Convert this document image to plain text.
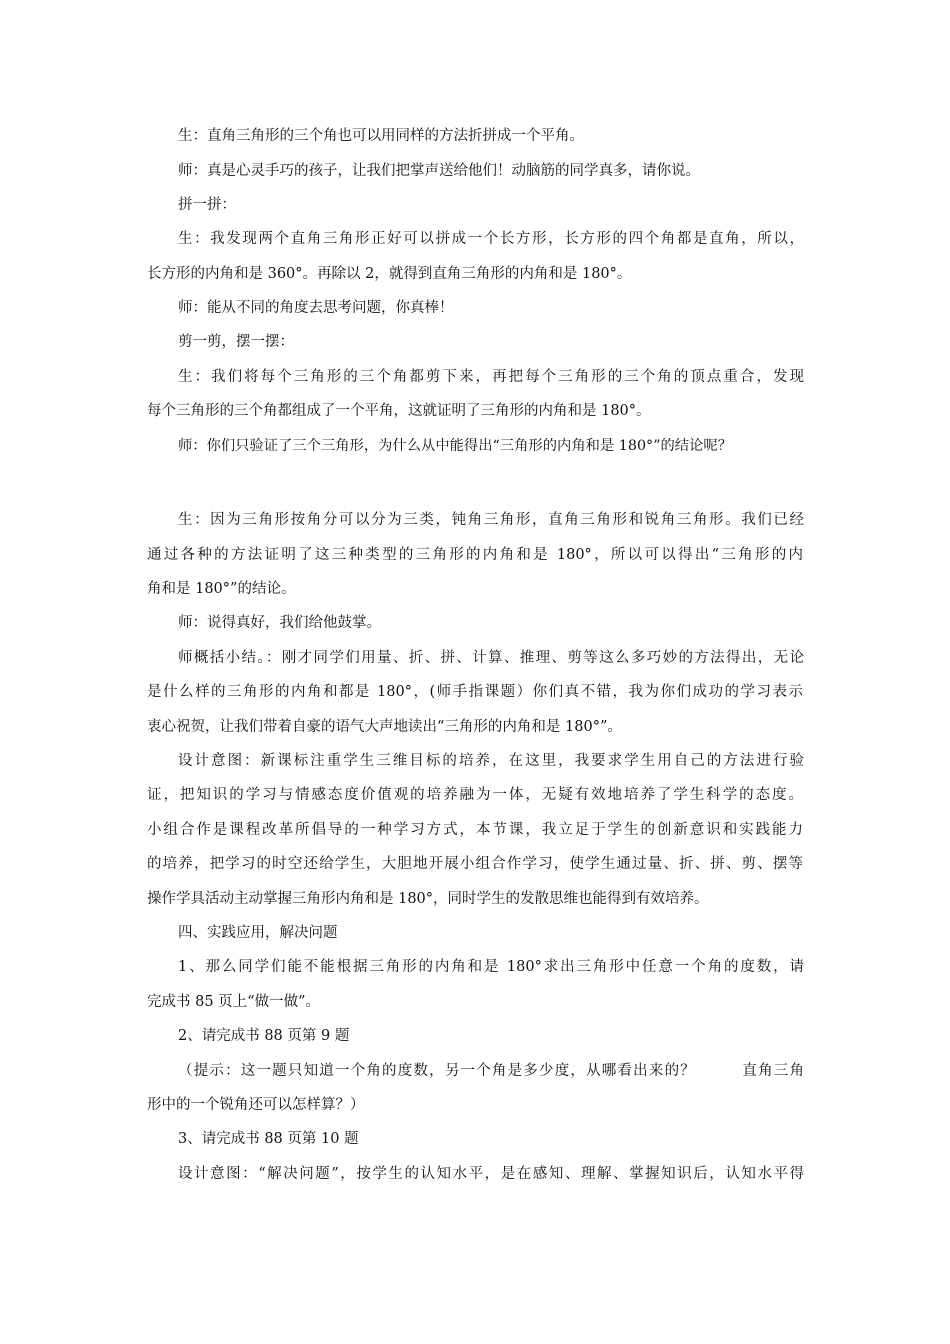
生：直角三角形的三个角也可以用同样的方法折拼成一个平角。
师：真是心灵手巧的孩子，让我们把掌声送给他们！动脑筋的同学真多，请你说。
拼一拼：
生：我发现两个直角三角形正好可以拼成一个长方形，长方形的四个角都是直角，所以，
长方形的内角和是 360°。再除以 2，就得到直角三角形的内角和是 180°。
师：能从不同的角度去思考问题，你真棒！
剪一剪，摆一摆：
生：我们将每个三角形的三个角都剪下来，再把每个三角形的三个角的顶点重合，发现
每个三角形的三个角都组成了一个平角，这就证明了三角形的内角和是 180°。
师：你们只验证了三个三角形，为什么从中能得出“三角形的内角和是 180°”的结论呢？
生：因为三角形按角分可以分为三类，钝角三角形，直角三角形和锐角三角形。我们已经
通过各种的方法证明了这三种类型的三角形的内角和是 180°，所以可以得出“三角形的内
角和是 180°”的结论。
师：说得真好，我们给他鼓掌。
师概括小结。：刚才同学们用量、折、拼、计算、推理、剪等这么多巧妙的方法得出，无论
是什么样的三角形的内角和都是 180°，(师手指课题）你们真不错，我为你们成功的学习表示
衷心祝贺，让我们带着自豪的语气大声地读出“三角形的内角和是 180°”。
设计意图：新课标注重学生三维目标的培养，在这里，我要求学生用自己的方法进行验
证，把知识的学习与情感态度价值观的培养融为一体，无疑有效地培养了学生科学的态度。
小组合作是课程改革所倡导的一种学习方式，本节课，我立足于学生的创新意识和实践能力
的培养，把学习的时空还给学生，大胆地开展小组合作学习，使学生通过量、折、拼、剪、摆等
操作学具活动主动掌握三角形内角和是 180°，同时学生的发散思维也能得到有效培养。
四、实践应用，解决问题
1、那么同学们能不能根据三角形的内角和是 180°求出三角形中任意一个角的度数，请
完成书 85 页上“做一做”。
2、请完成书 88 页第 9 题
（提示：这一题只知道一个角的度数，另一个角是多少度，从哪看出来的？        直角三角
形中的一个锐角还可以怎样算？）
3、请完成书 88 页第 10 题
设计意图：“解决问题”，按学生的认知水平，是在感知、理解、掌握知识后，认知水平得
